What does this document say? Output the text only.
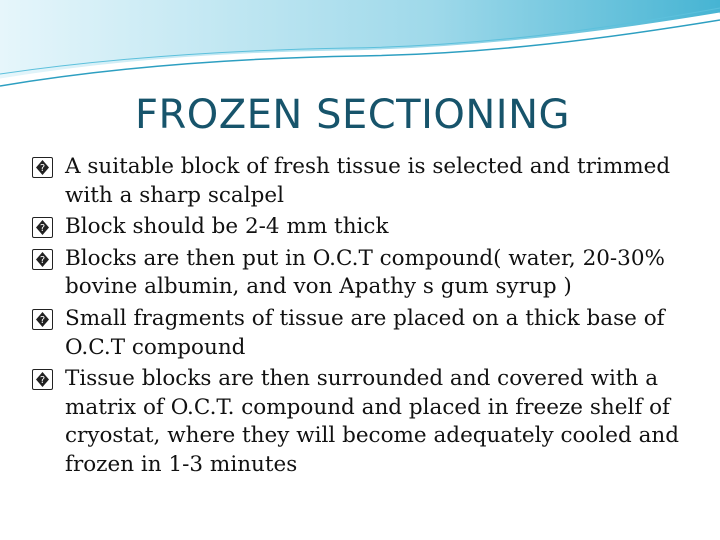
FROZEN SECTIONING
? A suitable block of fresh tissue is selected and trimmed with a sharp scalpel
? Block should be 2-4 mm thick
? Blocks are then put in O.C.T compound( water, 20-30% bovine albumin, and von Apathy s gum syrup )
? Small fragments of tissue are placed on a thick base of O.C.T compound
? Tissue blocks are then surrounded and covered with a matrix of O.C.T. compound and placed in freeze shelf of cryostat, where they will become adequately cooled and frozen in 1-3 minutes
